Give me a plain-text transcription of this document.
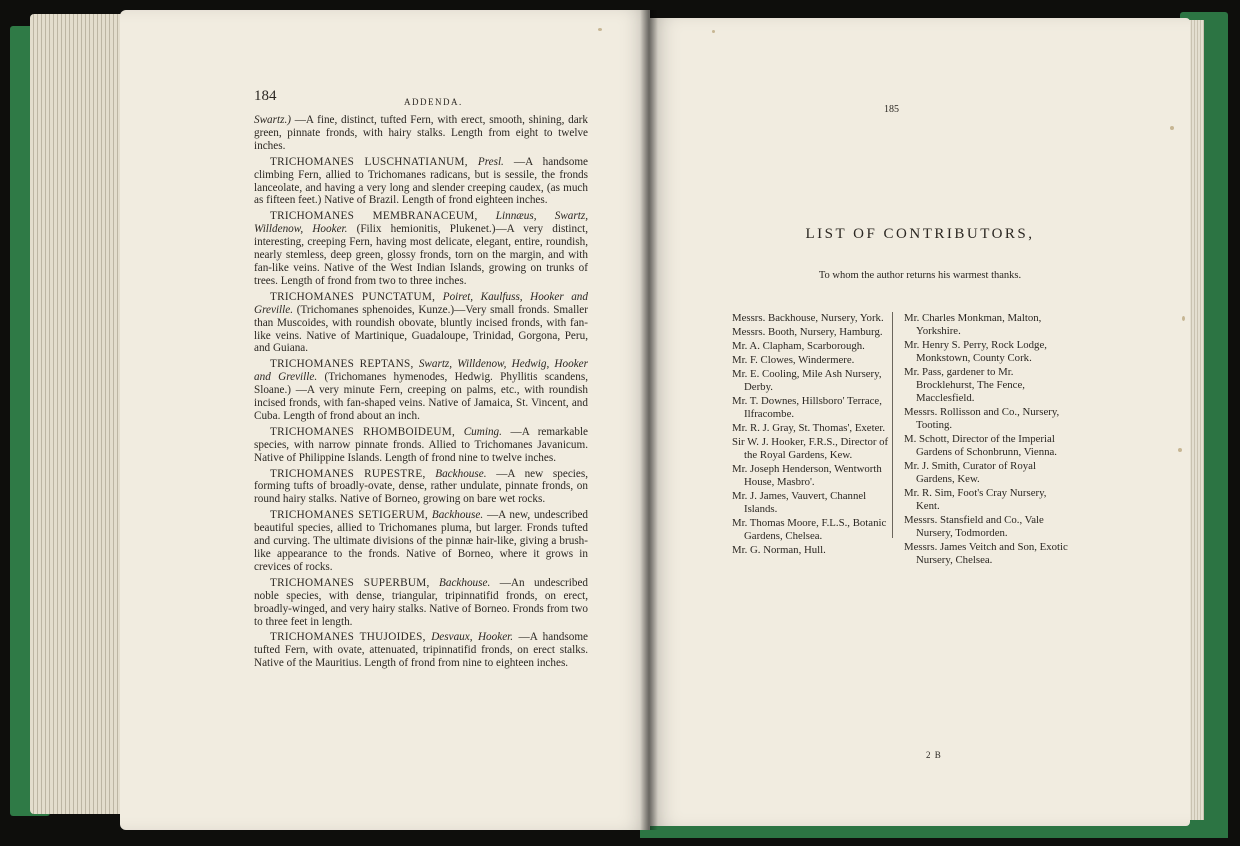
184	ADDENDA.

Swartz.) —A fine, distinct, tufted Fern, with erect, smooth, shining, dark green, pinnate fronds, with hairy stalks. Length from eight to twelve inches.

TRICHOMANES LUSCHNATIANUM, Presl. —A handsome climbing Fern, allied to Trichomanes radicans, but is sessile, the fronds lanceolate, and having a very long and slender creeping caudex, (as much as fifteen feet.) Native of Brazil. Length of frond eighteen inches.

TRICHOMANES MEMBRANACEUM, Linnæus, Swartz, Willdenow, Hooker. (Filix hemionitis, Plukenet.)—A very distinct, interesting, creeping Fern, having most delicate, elegant, entire, roundish, nearly stemless, deep green, glossy fronds, torn on the margin, and with fan-like veins. Native of the West Indian Islands, growing on trunks of trees. Length of frond from two to three inches.

TRICHOMANES PUNCTATUM, Poiret, Kaulfuss, Hooker and Greville. (Trichomanes sphenoides, Kunze.)—Very small fronds. Smaller than Muscoides, with roundish obovate, bluntly incised fronds, with fan-like veins. Native of Martinique, Guadaloupe, Trinidad, Gorgona, Peru, and Guiana.

TRICHOMANES REPTANS, Swartz, Willdenow, Hedwig, Hooker and Greville. (Trichomanes hymenodes, Hedwig. Phyllitis scandens, Sloane.) —A very minute Fern, creeping on palms, etc., with roundish incised fronds, with fan-shaped veins. Native of Jamaica, St. Vincent, and Cuba. Length of frond about an inch.

TRICHOMANES RHOMBOIDEUM, Cuming. —A remarkable species, with narrow pinnate fronds. Allied to Trichomanes Javanicum. Native of Philippine Islands. Length of frond nine to twelve inches.

TRICHOMANES RUPESTRE, Backhouse. —A new species, forming tufts of broadly-ovate, dense, rather undulate, pinnate fronds, on round hairy stalks. Native of Borneo, growing on bare wet rocks.

TRICHOMANES SETIGERUM, Backhouse. —A new, undescribed beautiful species, allied to Trichomanes pluma, but larger. Fronds tufted and curving. The ultimate divisions of the pinnæ hair-like, giving a brush-like appearance to the fronds. Native of Borneo, where it grows in crevices of rocks.

TRICHOMANES SUPERBUM, Backhouse. —An undescribed noble species, with dense, triangular, tripinnatifid fronds, on erect, broadly-winged, and very hairy stalks. Native of Borneo. Fronds from two to three feet in length.

TRICHOMANES THUJOIDES, Desvaux, Hooker. —A handsome tufted Fern, with ovate, attenuated, tripinnatifid fronds, on erect stalks. Native of the Mauritius. Length of frond from nine to eighteen inches.

185
LIST OF CONTRIBUTORS,
To whom the author returns his warmest thanks.

Messrs. Backhouse, Nursery, York.

Messrs. Booth, Nursery, Hamburg.

Mr. A. Clapham, Scarborough.

Mr. F. Clowes, Windermere.

Mr. E. Cooling, Mile Ash Nursery, Derby.

Mr. T. Downes, Hillsboro' Terrace, Ilfracombe.

Mr. R. J. Gray, St. Thomas', Exeter.

Sir W. J. Hooker, F.R.S., Director of the Royal Gardens, Kew.

Mr. Joseph Henderson, Wentworth House, Masbro'.

Mr. J. James, Vauvert, Channel Islands.

Mr. Thomas Moore, F.L.S., Botanic Gardens, Chelsea.

Mr. G. Norman, Hull.

Mr. Charles Monkman, Malton, Yorkshire.

Mr. Henry S. Perry, Rock Lodge, Monkstown, County Cork.

Mr. Pass, gardener to Mr. Brocklehurst, The Fence, Macclesfield.

Messrs. Rollisson and Co., Nursery, Tooting.

M. Schott, Director of the Imperial Gardens of Schonbrunn, Vienna.

Mr. J. Smith, Curator of Royal Gardens, Kew.

Mr. R. Sim, Foot's Cray Nursery, Kent.

Messrs. Stansfield and Co., Vale Nursery, Todmorden.

Messrs. James Veitch and Son, Exotic Nursery, Chelsea.

2 B
